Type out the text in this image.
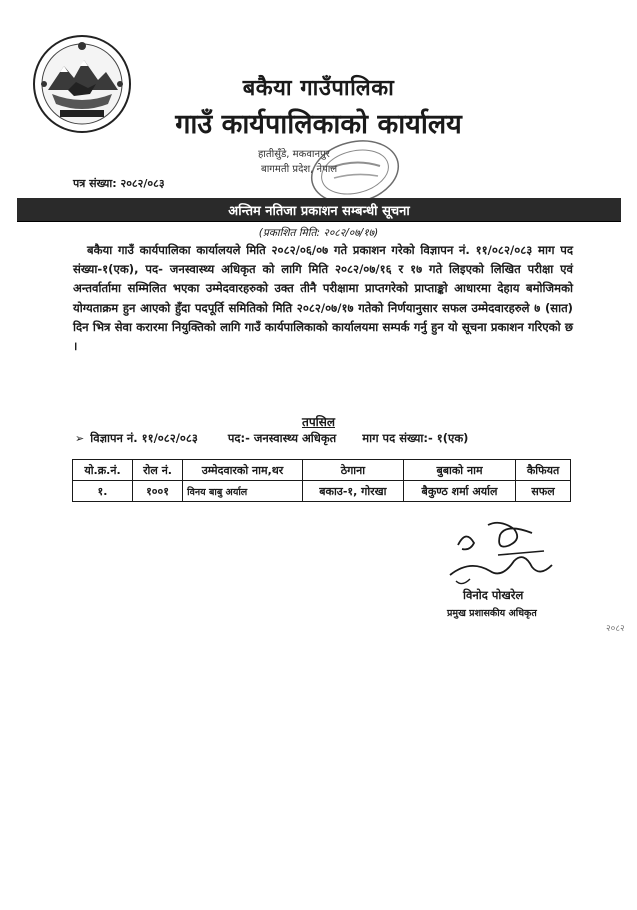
बकैया गाउँपालिका
गाउँ कार्यपालिकाको कार्यालय
हातीसुँडे, मकवानपुर
बागमती प्रदेश, नेपाल
पत्र संख्या: २०८२/०८३
अन्तिम नतिजा प्रकाशन सम्बन्धी सूचना
(प्रकाशित मिति: २०८२/०७/१७)
बकैया गाउँ कार्यपालिका कार्यालयले मिति २०८२/०६/०७ गते प्रकाशन गरेको विज्ञापन नं. ११/०८२/०८३ माग पद संख्या-१(एक), पद- जनस्वास्थ्य अधिकृत को लागि मिति २०८२/०७/१६ र १७ गते लिइएको लिखित परीक्षा एवं अन्तर्वार्तामा सम्मिलित भएका उम्मेदवारहरुको उक्त तीनै परीक्षामा प्राप्तगरेको प्राप्ताङ्को आधारमा देहाय बमोजिमको योग्यताक्रम हुन आएको हुँदा पदपूर्ति समितिको मिति २०८२/०७/१७ गतेको निर्णयानुसार सफल उम्मेदवारहरुले ७ (सात) दिन भित्र सेवा करारमा नियुक्तिको लागि गाउँ कार्यपालिकाको कार्यालयमा सम्पर्क गर्नु हुन यो सूचना प्रकाशन गरिएको छ ।
तपसिल
➢ विज्ञापन नं. ११/०८२/०८३	पद:- जनस्वास्थ्य अधिकृत माग पद संख्या:- १(एक)
यो.क्र.नं.	रोल नं.	उम्मेदवारको नाम,थर	ठेगाना	बुबाको नाम	कैफियत
१.	१००१	विनय बाबु अर्याल	बकाउ-१, गोरखा	बैकुण्ठ शर्मा अर्याल	सफल
विनोद पोखरेल
प्रमुख प्रशासकीय अधिकृत
२०८२
